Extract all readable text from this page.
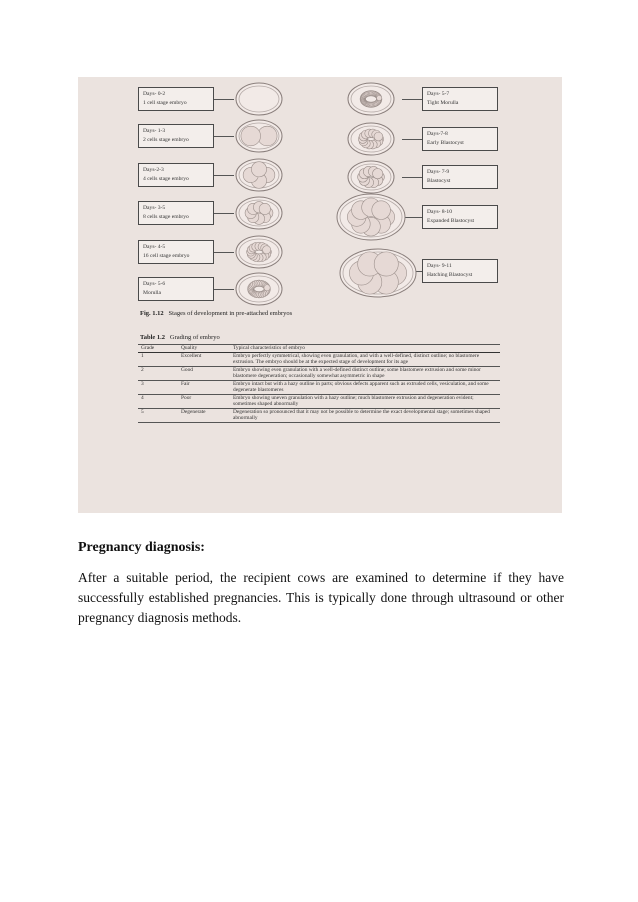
Days- 0-2
1 cell stage embryo
Days- 1-3
2 cells stage embryo
Days-2-3
4 cells stage embryo
Days- 3-5
8 cells stage embryo
Days- 4-5
16 cell stage embryo
Days- 5-6
Morulla
Days- 5-7
Tight Morulla
Days-7-8
Early Blastocyst
Days- 7-9
Blastocyst
Days- 8-10
Expanded Blastocyst
Days- 9-11
Hatching Blastocyst
Fig. 1.12 Stages of development in pre-attached embryos
Table 1.2 Grading of embryo
Grade	Quality	Typical characteristics of embryo
1	Excellent	Embryo perfectly symmetrical, showing even granulation, and with a well-defined, distinct outline; no blastomere extrusion. The embryo should be at the expected stage of development for its age
2	Good	Embryo showing even granulation with a well-defined distinct outline; some blastomere extrusion and some minor blastomere degeneration; occasionally somewhat asymmetric in shape
3	Fair	Embryo intact but with a hazy outline in parts; obvious defects apparent such as extruded cells, vesiculation, and some degenerate blastomeres
4	Poor	Embryo showing uneven granulation with a hazy outline; much blastomere extrusion and degeneration evident; sometimes shaped abnormally
5	Degenerate	Degeneration so pronounced that it may not be possible to determine the exact developmental stage; sometimes shaped abnormally
Pregnancy diagnosis:

After a suitable period, the recipient cows are examined to determine if they have successfully established pregnancies. This is typically done through ultrasound or other pregnancy diagnosis methods.
